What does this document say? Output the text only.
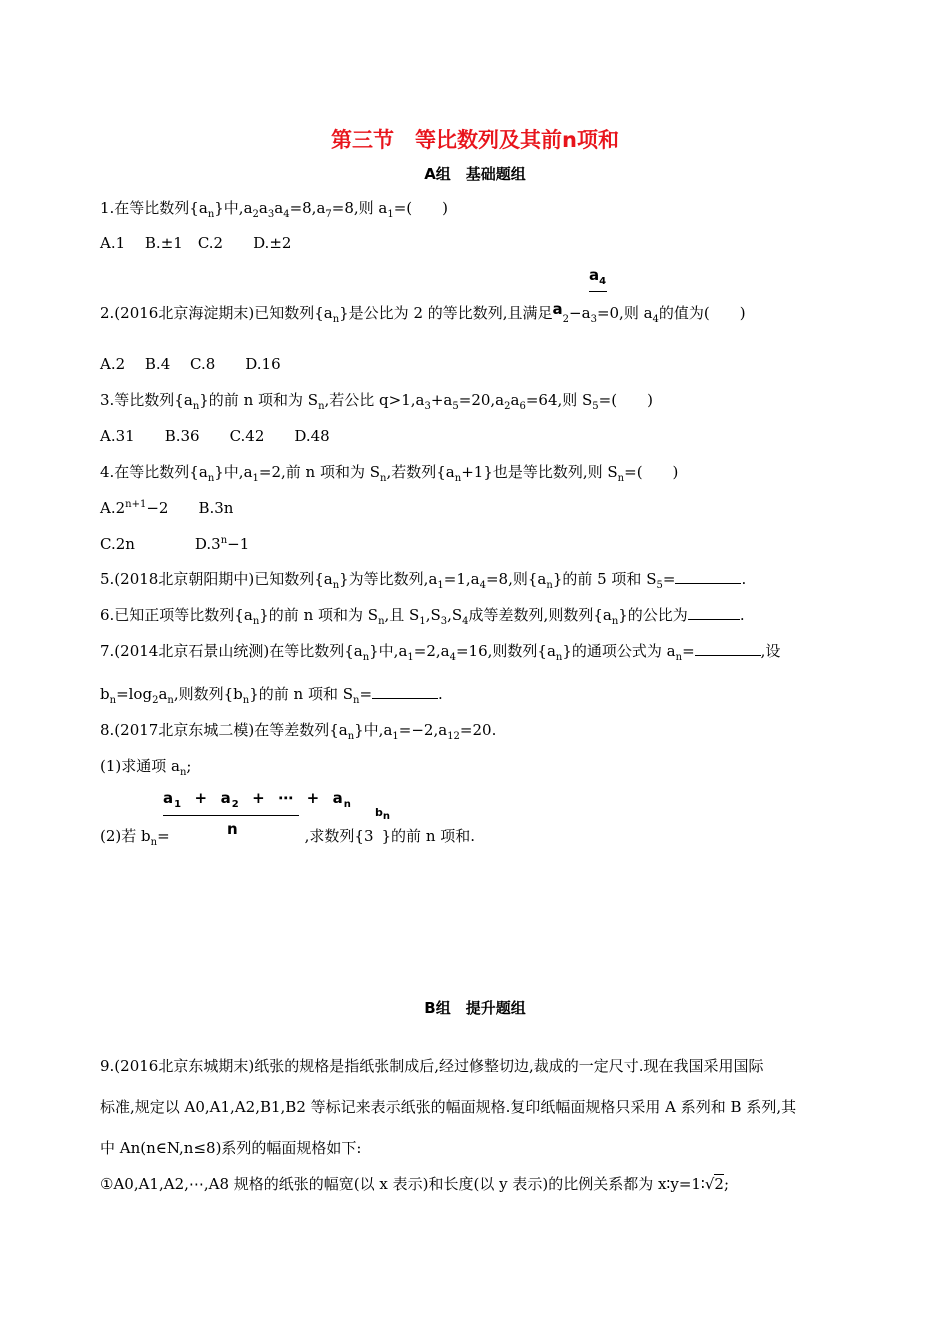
第三节　等比数列及其前n项和
A组　基础题组
1.在等比数列$\{a_n\}$中$,a_2a_3a_4=8,a_7=8$,则 $a_1=$(　　)
A.1　 B.±1　C.2　　D.±2
$a_4$
2.(2016北京海淀期末)已知数列$\{a_n\}$是公比为 2 的等比数列,且满足$a_2-a_3=0$,则 $a_4$的值为(　　)
A.2　 B.4　 C.8　　D.16
3.等比数列$\{a_n\}$的前 n 项和为 $S_n$,若公比 $q>1,a_3+a_5=20,a_2a_6=64$,则 $S_5=$(　　)
A.31　　B.36　　C.42　　D.48
4.在等比数列$\{a_n\}$中$,a_1=2$,前 n 项和为 $S_n$,若数列$\{a_n+1\}$也是等比数列,则 $S_n=$(　　)
$A.2^{n+1}-2$　　B.3n
C.2n　　　　$D.3^n-1$
5.(2018北京朝阳期中)已知数列$\{a_n\}$为等比数列$,a_1=1,a_4=8$,则$\{a_n\}$的前 5 项和 $S_5=$	.
6.已知正项等比数列$\{a_n\}$的前 n 项和为 $S_n$,且 $S_1,S_3,S_4$成等差数列,则数列$\{a_n\}$的公比为	.
7.(2014北京石景山统测)在等比数列$\{a_n\}$中$,a_1=2,a_4=16$,则数列$\{a_n\}$的通项公式为 $a_n=$	,设
$b_n=\log_2a_n$,则数列$\{b_n\}$的前 n 项和 $S_n=$	.
8.(2017北京东城二模)在等差数列$\{a_n\}$中$,a_1=-2,a_{12}=20$.
(1)求通项 $a_n$;
$a_1 + a_2$ + ⋯ + $a_n$
n
$b_n$
(2)若 $b_n=$	,求数列{3 }的前 n 项和.
B组　提升题组
9.(2016北京东城期末)纸张的规格是指纸张制成后,经过修整切边,裁成的一定尺寸.现在我国采用国际
标准,规定以 A0,A1,A2,B1,B2 等标记来表示纸张的幅面规格.复印纸幅面规格只采用 A 系列和 B 系列,其
中 An(n∈N,n≤8)系列的幅面规格如下:
①A0,A1,A2,⋯,A8 规格的纸张的幅宽(以 x 表示)和长度(以 y 表示)的比例关系都为 x∶y=1∶√2;
